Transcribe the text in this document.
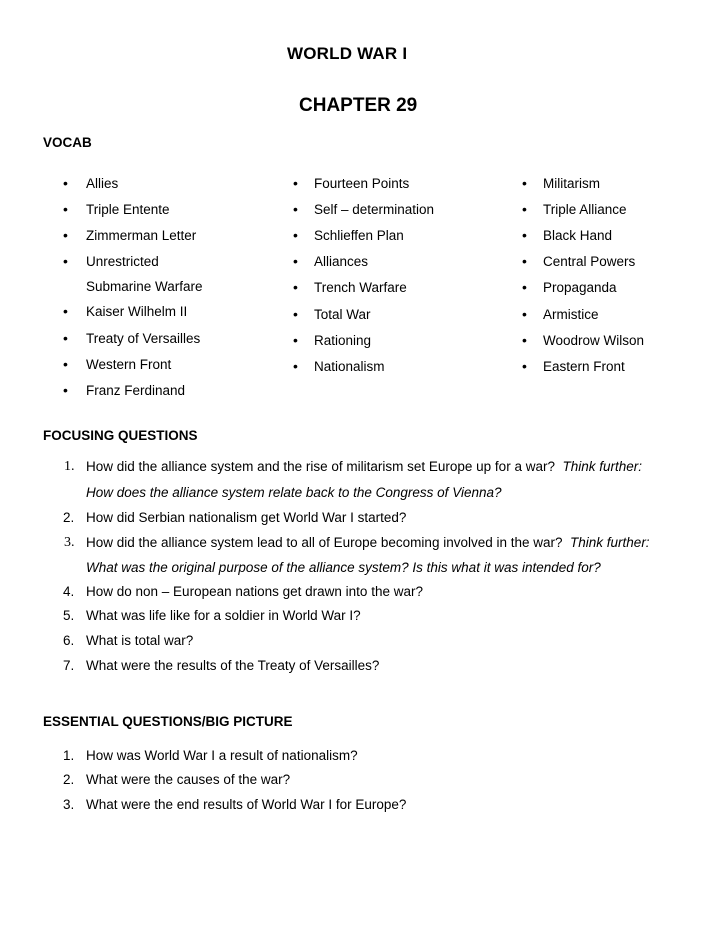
WORLD WAR I
CHAPTER 29
VOCAB
• Allies
• Triple Entente
• Zimmerman Letter
• Unrestricted
Submarine Warfare
• Kaiser Wilhelm II
• Treaty of Versailles
• Western Front
• Franz Ferdinand
• Fourteen Points
• Self – determination
• Schlieffen Plan
• Alliances
• Trench Warfare
• Total War
• Rationing
• Nationalism
• Militarism
• Triple Alliance
• Black Hand
• Central Powers
• Propaganda
• Armistice
• Woodrow Wilson
• Eastern Front
FOCUSING QUESTIONS
1. How did the alliance system and the rise of militarism set Europe up for a war? Think further:
How does the alliance system relate back to the Congress of Vienna?
2. How did Serbian nationalism get World War I started?
3. How did the alliance system lead to all of Europe becoming involved in the war? Think further:
What was the original purpose of the alliance system? Is this what it was intended for?
4. How do non – European nations get drawn into the war?
5. What was life like for a soldier in World War I?
6. What is total war?
7. What were the results of the Treaty of Versailles?
ESSENTIAL QUESTIONS/BIG PICTURE
1. How was World War I a result of nationalism?
2. What were the causes of the war?
3. What were the end results of World War I for Europe?
